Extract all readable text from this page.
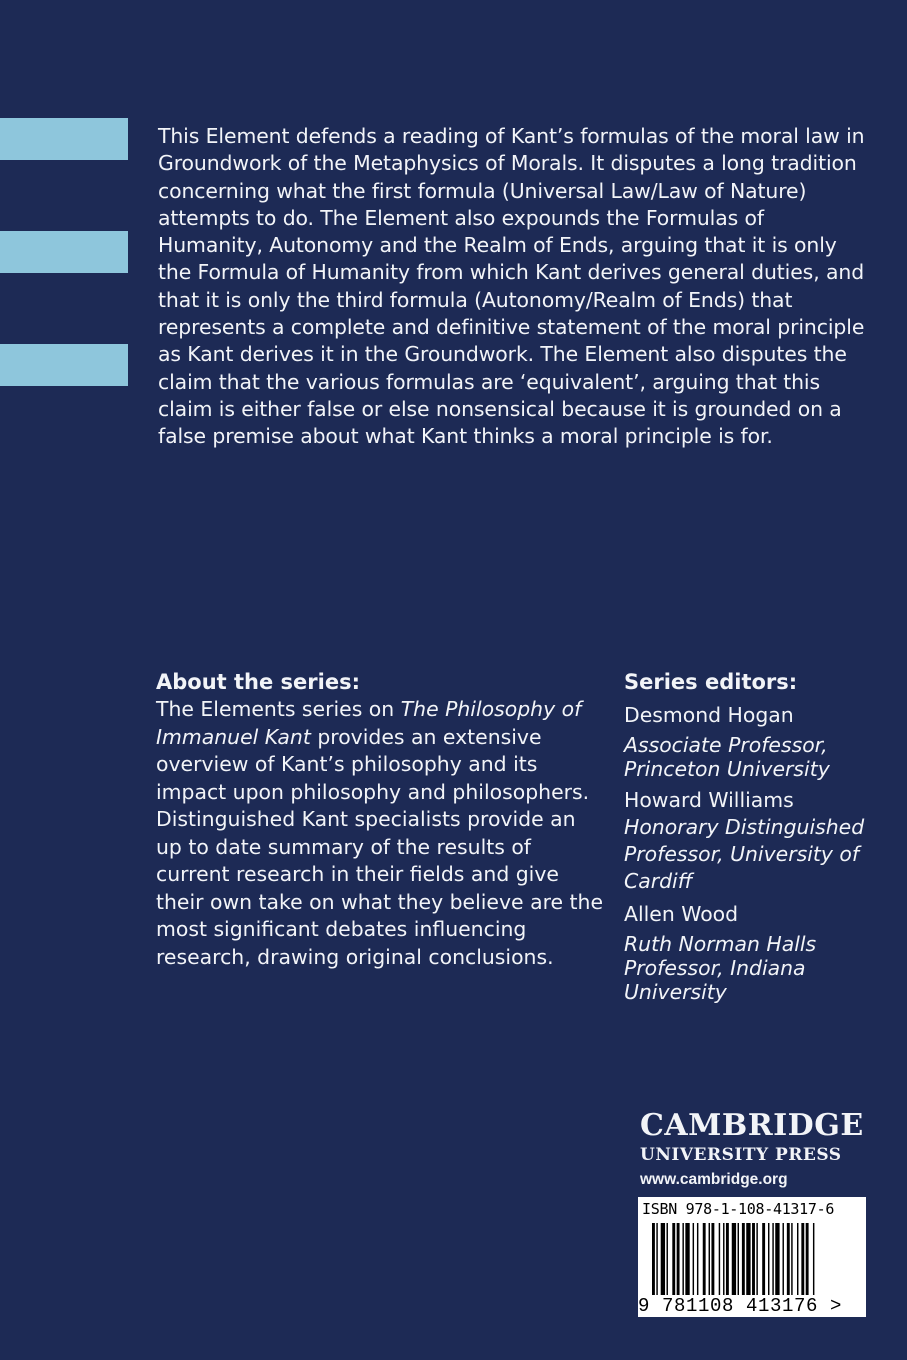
This Element defends a reading of Kant’s formulas of the moral law in Groundwork of the Metaphysics of Morals. It disputes a long tradition concerning what the first formula (Universal Law/Law of Nature) attempts to do. The Element also expounds the Formulas of Humanity, Autonomy and the Realm of Ends, arguing that it is only the Formula of Humanity from which Kant derives general duties, and that it is only the third formula (Autonomy/Realm of Ends) that represents a complete and definitive statement of the moral principle as Kant derives it in the Groundwork. The Element also disputes the claim that the various formulas are ‘equivalent’, arguing that this claim is either false or else nonsensical because it is grounded on a false premise about what Kant thinks a moral principle is for.

About the series:

The Elements series on The Philosophy of Immanuel Kant provides an extensive overview of Kant’s philosophy and its impact upon philosophy and philosophers. Distinguished Kant specialists provide an up to date summary of the results of current research in their fields and give their own take on what they believe are the most significant debates influencing research, drawing original conclusions.

Series editors:
Desmond Hogan
Associate Professor, Princeton University
Howard Williams
Honorary Distinguished Professor, University of Cardiff
Allen Wood
Ruth Norman Halls Professor, Indiana University
CAMBRIDGE
UNIVERSITY PRESS
www.cambridge.org
ISBN 978-1-108-41317-6
9 781108 413176 >
